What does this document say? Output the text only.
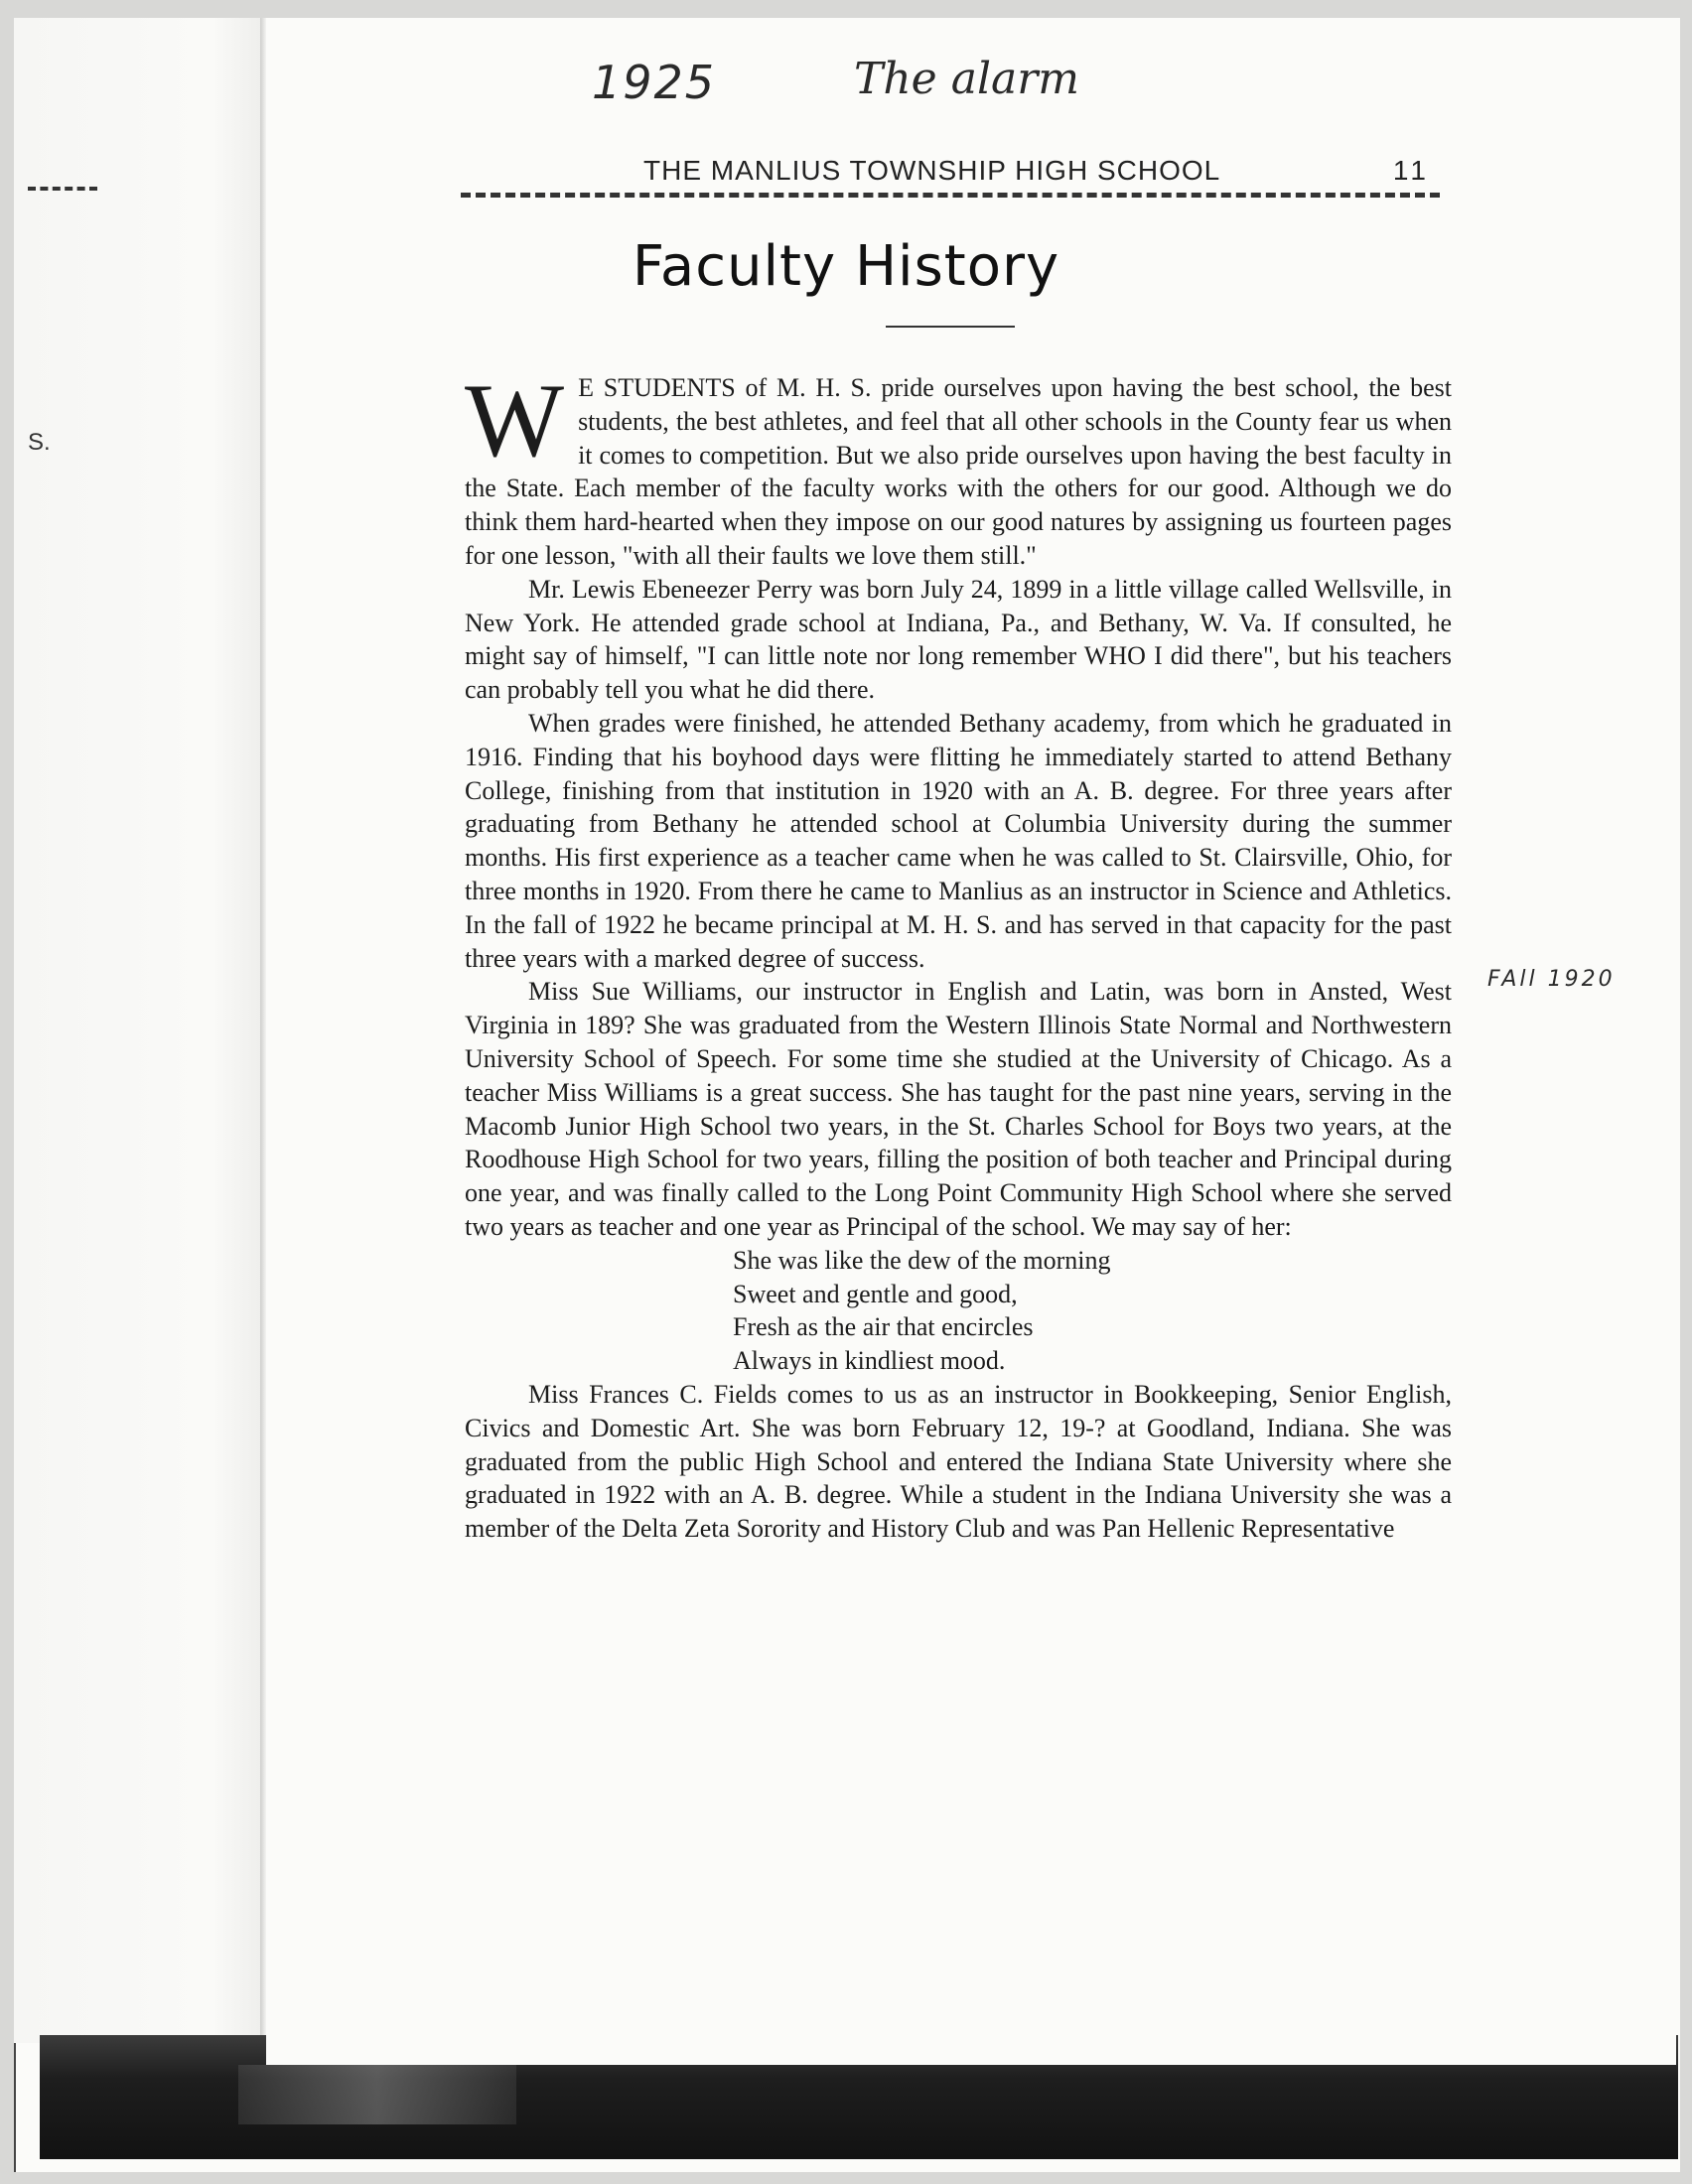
S.
1925	The alarm
THE MANLIUS TOWNSHIP HIGH SCHOOL	11
Faculty History

W E STUDENTS of M. H. S. pride ourselves upon having the best school, the best students, the best athletes, and feel that all other schools in the County fear us when it comes to competition. But we also pride ourselves upon having the best faculty in the State. Each member of the faculty works with the others for our good. Although we do think them hard-hearted when they impose on our good natures by assigning us fourteen pages for one lesson, "with all their faults we love them still."

Mr. Lewis Ebeneezer Perry was born July 24, 1899 in a little village called Wellsville, in New York. He attended grade school at Indiana, Pa., and Bethany, W. Va. If consulted, he might say of himself, "I can little note nor long remember WHO I did there", but his teachers can probably tell you what he did there.

When grades were finished, he attended Bethany academy, from which he graduated in 1916. Finding that his boyhood days were flitting he immediately started to attend Bethany College, finishing from that institution in 1920 with an A. B. degree. For three years after graduating from Bethany he attended school at Columbia University during the summer months. His first experience as a teacher came when he was called to St. Clairsville, Ohio, for three months in 1920. From there he came to Manlius as an instructor in Science and Athletics. In the fall of 1922 he became principal at M. H. S. and has served in that capacity for the past three years with a marked degree of success.

Miss Sue Williams, our instructor in English and Latin, was born in Ansted, West Virginia in 189? She was graduated from the Western Illinois State Normal and Northwestern University School of Speech. For some time she studied at the University of Chicago. As a teacher Miss Williams is a great success. She has taught for the past nine years, serving in the Macomb Junior High School two years, in the St. Charles School for Boys two years, at the Roodhouse High School for two years, filling the position of both teacher and Principal during one year, and was finally called to the Long Point Community High School where she served two years as teacher and one year as Principal of the school. We may say of her:

She was like the dew of the morning
Sweet and gentle and good,
Fresh as the air that encircles
Always in kindliest mood.

Miss Frances C. Fields comes to us as an instructor in Bookkeeping, Senior English, Civics and Domestic Art. She was born February 12, 19-? at Goodland, Indiana. She was graduated from the public High School and entered the Indiana State University where she graduated in 1922 with an A. B. degree. While a student in the Indiana University she was a member of the Delta Zeta Sorority and History Club and was Pan Hellenic Representative

FAll 1920
